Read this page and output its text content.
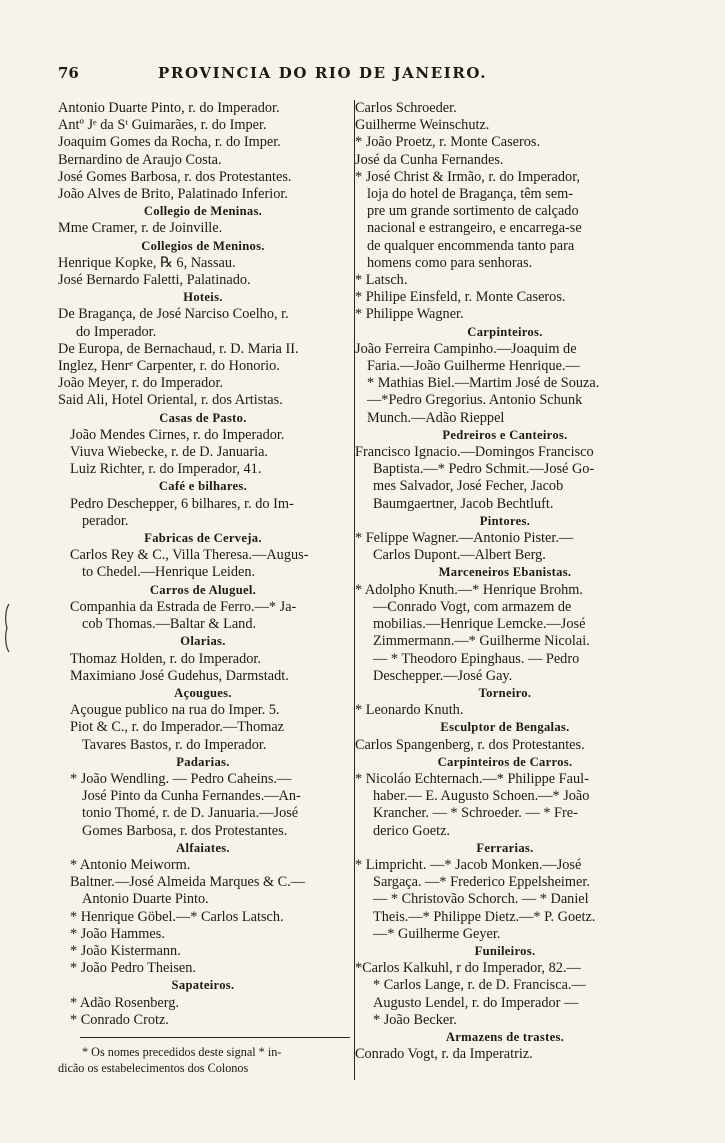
76	PROVINCIA DO RIO DE JANEIRO.
Antonio Duarte Pinto, r. do Imperador.
Antº Jᵉ da Sᵗ Guimarães, r. do Imper.
Joaquim Gomes da Rocha, r. do Imper.
Bernardino de Araujo Costa.
José Gomes Barbosa, r. dos Protestantes.
João Alves de Brito, Palatinado Inferior.
Collegio de Meninas.
Mme Cramer, r. de Joinville.
Collegios de Meninos.
Henrique Kopke, ℞ 6, Nassau.
José Bernardo Faletti, Palatinado.
Hoteis.
De Bragança, de José Narciso Coelho, r.
do Imperador.
De Europa, de Bernachaud, r. D. Maria II.
Inglez, Henrᵉ Carpenter, r. do Honorio.
João Meyer, r. do Imperador.
Said Ali, Hotel Oriental, r. dos Artistas.
Casas de Pasto.
João Mendes Cirnes, r. do Imperador.
Viuva Wiebecke, r. de D. Januaria.
Luiz Richter, r. do Imperador, 41.
Café e bilhares.
Pedro Deschepper, 6 bilhares, r. do Im-
perador.
Fabricas de Cerveja.
Carlos Rey & C., Villa Theresa.—Augus-
to Chedel.—Henrique Leiden.
Carros de Aluguel.
Companhia da Estrada de Ferro.—* Ja-
cob Thomas.—Baltar & Land.
Olarias.
Thomaz Holden, r. do Imperador.
Maximiano José Gudehus, Darmstadt.
Açougues.
Açougue publico na rua do Imper. 5.
Piot & C., r. do Imperador.—Thomaz
Tavares Bastos, r. do Imperador.
Padarias.
* João Wendling. — Pedro Caheins.—
José Pinto da Cunha Fernandes.—An-
tonio Thomé, r. de D. Januaria.—José
Gomes Barbosa, r. dos Protestantes.
Alfaiates.
* Antonio Meiworm.
Baltner.—José Almeida Marques & C.—
Antonio Duarte Pinto.
* Henrique Göbel.—* Carlos Latsch.
* João Hammes.
* João Kistermann.
* João Pedro Theisen.
Sapateiros.
* Adão Rosenberg.
* Conrado Crotz.
* Os nomes precedidos deste signal * in-
dicão os estabelecimentos dos Colonos
Carlos Schroeder.
Guilherme Weinschutz.
* João Proetz, r. Monte Caseros.
José da Cunha Fernandes.
* José Christ & Irmão, r. do Imperador,
loja do hotel de Bragança, têm sem-
pre um grande sortimento de calçado
nacional e estrangeiro, e encarrega-se
de qualquer encommenda tanto para
homens como para senhoras.
* Latsch.
* Philipe Einsfeld, r. Monte Caseros.
* Philippe Wagner.
Carpinteiros.
João Ferreira Campinho.—Joaquim de
Faria.—João Guilherme Henrique.—
* Mathias Biel.—Martim José de Souza.
—*Pedro Gregorius. Antonio Schunk
Munch.—Adão Rieppel
Pedreiros e Canteiros.
Francisco Ignacio.—Domingos Francisco
Baptista.—* Pedro Schmit.—José Go-
mes Salvador, José Fecher, Jacob
Baumgaertner, Jacob Bechtluft.
Pintores.
* Felippe Wagner.—Antonio Pister.—
Carlos Dupont.—Albert Berg.
Marceneiros Ebanistas.
* Adolpho Knuth.—* Henrique Brohm.
—Conrado Vogt, com armazem de
mobilias.—Henrique Lemcke.—José
Zimmermann.—* Guilherme Nicolai.
— * Theodoro Epinghaus. — Pedro
Deschepper.—José Gay.
Torneiro.
* Leonardo Knuth.
Esculptor de Bengalas.
Carlos Spangenberg, r. dos Protestantes.
Carpinteiros de Carros.
* Nicoláo Echternach.—* Philippe Faul-
haber.— E. Augusto Schoen.—* João
Krancher. — * Schroeder. — * Fre-
derico Goetz.
Ferrarias.
* Limpricht. —* Jacob Monken.—José
Sargaça. —* Frederico Eppelsheimer.
— * Christovão Schorch. — * Daniel
Theis.—* Philippe Dietz.—* P. Goetz.
—* Guilherme Geyer.
Funileiros.
*Carlos Kalkuhl, r do Imperador, 82.—
* Carlos Lange, r. de D. Francisca.—
Augusto Lendel, r. do Imperador —
* João Becker.
Armazens de trastes.
Conrado Vogt, r. da Imperatriz.
